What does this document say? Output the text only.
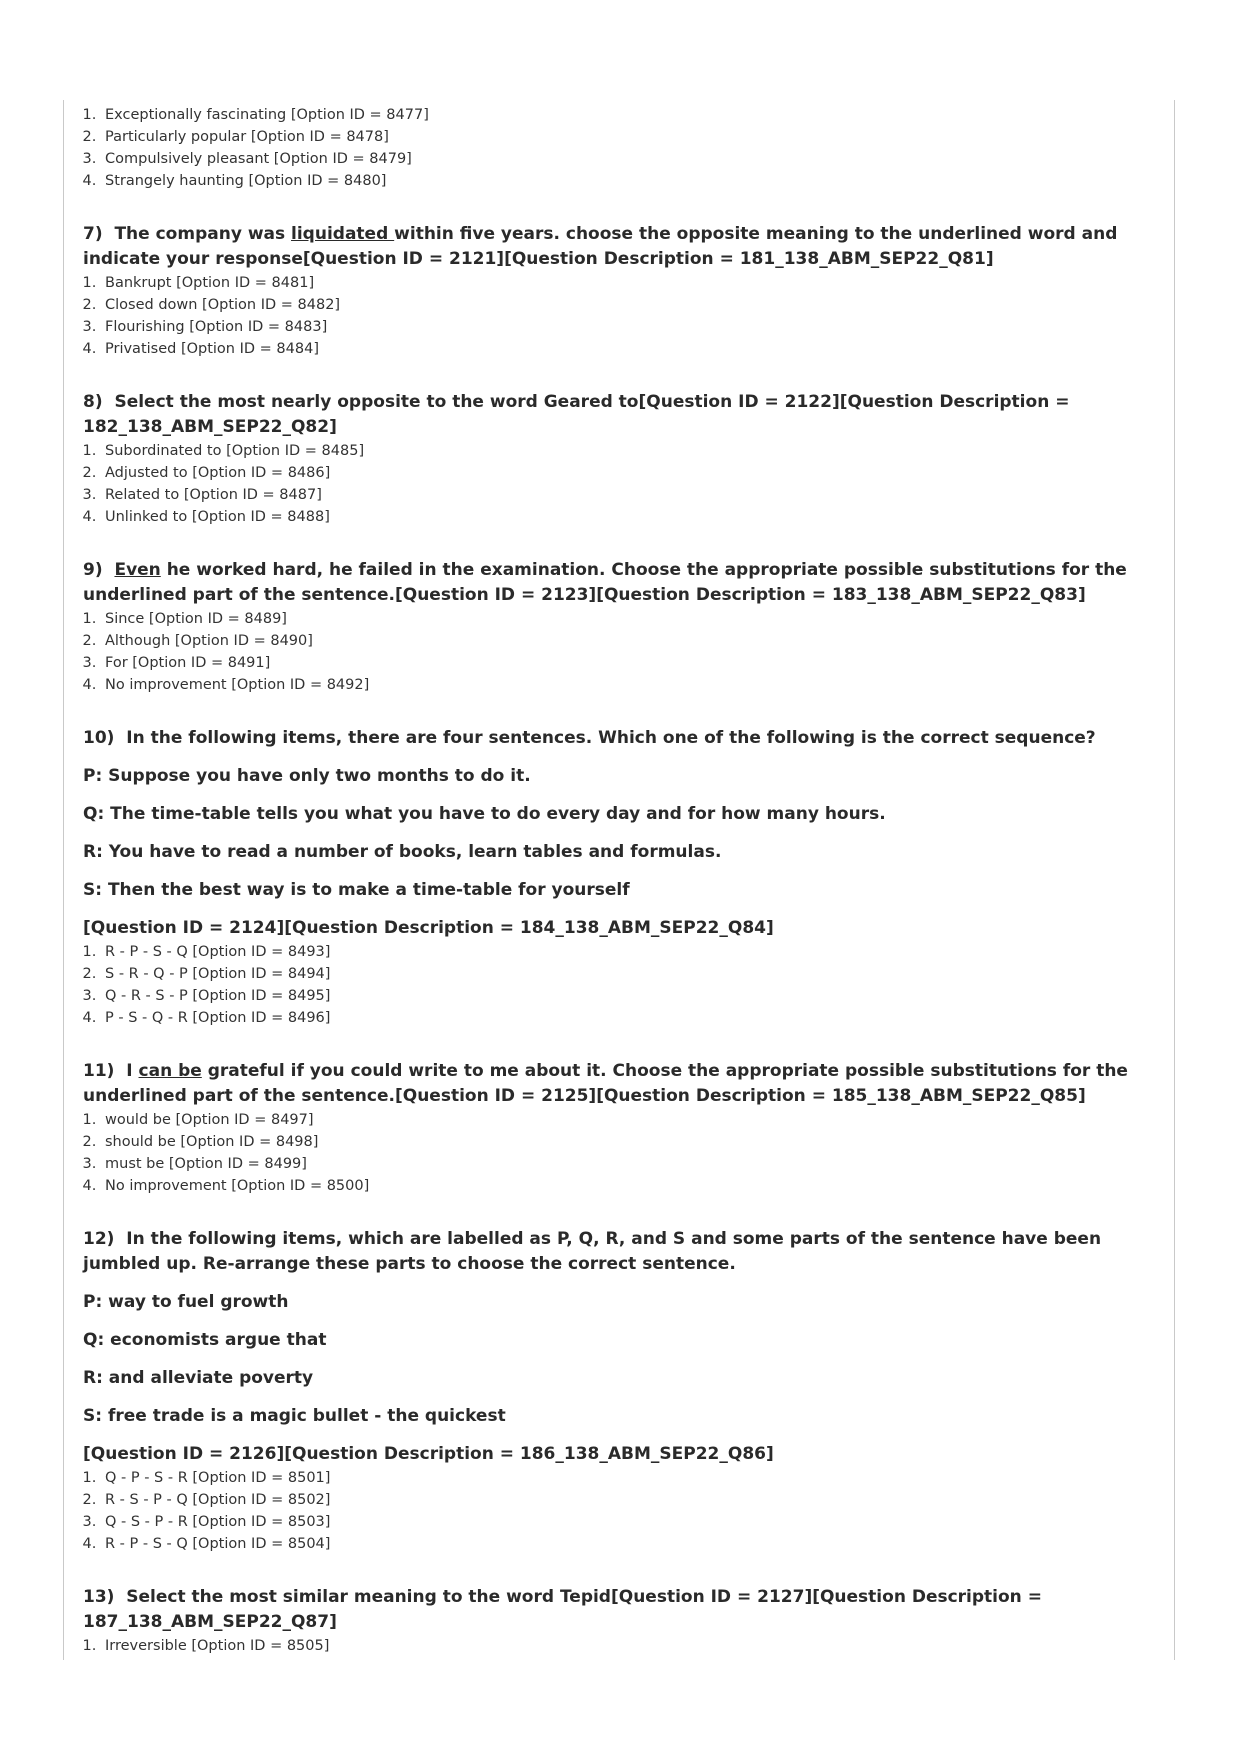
1. Exceptionally fascinating [Option ID = 8477]
2. Particularly popular [Option ID = 8478]
3. Compulsively pleasant [Option ID = 8479]
4. Strangely haunting [Option ID = 8480]
7) The company was liquidated within five years. choose the opposite meaning to the underlined word and indicate your response[Question ID = 2121][Question Description = 181_138_ABM_SEP22_Q81]
1. Bankrupt [Option ID = 8481]
2. Closed down [Option ID = 8482]
3. Flourishing [Option ID = 8483]
4. Privatised [Option ID = 8484]
8) Select the most nearly opposite to the word Geared to[Question ID = 2122][Question Description = 182_138_ABM_SEP22_Q82]
1. Subordinated to [Option ID = 8485]
2. Adjusted to [Option ID = 8486]
3. Related to [Option ID = 8487]
4. Unlinked to [Option ID = 8488]
9) Even he worked hard, he failed in the examination. Choose the appropriate possible substitutions for the underlined part of the sentence.[Question ID = 2123][Question Description = 183_138_ABM_SEP22_Q83]
1. Since [Option ID = 8489]
2. Although [Option ID = 8490]
3. For [Option ID = 8491]
4. No improvement [Option ID = 8492]
10) In the following items, there are four sentences. Which one of the following is the correct sequence?
P: Suppose you have only two months to do it.
Q: The time-table tells you what you have to do every day and for how many hours.
R: You have to read a number of books, learn tables and formulas.
S: Then the best way is to make a time-table for yourself
[Question ID = 2124][Question Description = 184_138_ABM_SEP22_Q84]
1. R - P - S - Q [Option ID = 8493]
2. S - R - Q - P [Option ID = 8494]
3. Q - R - S - P [Option ID = 8495]
4. P - S - Q - R [Option ID = 8496]
11) I can be grateful if you could write to me about it. Choose the appropriate possible substitutions for the underlined part of the sentence.[Question ID = 2125][Question Description = 185_138_ABM_SEP22_Q85]
1. would be [Option ID = 8497]
2. should be [Option ID = 8498]
3. must be [Option ID = 8499]
4. No improvement [Option ID = 8500]
12) In the following items, which are labelled as P, Q, R, and S and some parts of the sentence have been jumbled up. Re-arrange these parts to choose the correct sentence.
P: way to fuel growth
Q: economists argue that
R: and alleviate poverty
S: free trade is a magic bullet - the quickest
[Question ID = 2126][Question Description = 186_138_ABM_SEP22_Q86]
1. Q - P - S - R [Option ID = 8501]
2. R - S - P - Q [Option ID = 8502]
3. Q - S - P - R [Option ID = 8503]
4. R - P - S - Q [Option ID = 8504]
13) Select the most similar meaning to the word Tepid[Question ID = 2127][Question Description = 187_138_ABM_SEP22_Q87]
1. Irreversible [Option ID = 8505]
